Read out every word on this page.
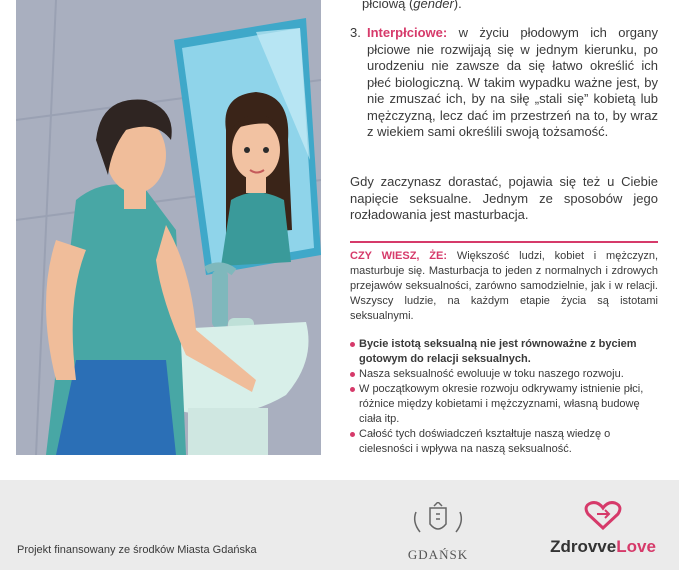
płciową (gender).
3. Interpłciowe: w życiu płodowym ich organy płciowe nie rozwijają się w jednym kierunku, po urodzeniu nie zawsze da się łatwo określić ich płeć biologiczną. W takim wypadku ważne jest, by nie zmuszać ich, by na siłę „stali się” kobietą lub mężczyzną, lecz dać im przestrzeń na to, by wraz z wiekiem sami określili swoją tożsamość.

Gdy zaczynasz dorastać, pojawia się też u Ciebie napięcie seksualne. Jednym ze sposobów jego rozładowania jest masturbacja.

CZY WIESZ, ŻE: Większość ludzi, kobiet i mężczyzn, masturbuje się. Masturbacja to jeden z normalnych i zdrowych przejawów seksualności, zarówno samodzielnie, jak i w relacji. Wszyscy ludzie, na każdym etapie życia są istotami seksualnymi.

Bycie istotą seksualną nie jest równoważne z byciem gotowym do relacji seksualnych.

Nasza seksualność ewoluuje w toku naszego rozwoju.

W początkowym okresie rozwoju odkrywamy istnienie płci, różnice między kobietami i mężczyznami, własną budowę ciała itp.

Całość tych doświadczeń kształtuje naszą wiedzę o cielesności i wpływa na naszą seksualność.

Projekt finansowany ze środków Miasta Gdańska	GDAŃSK	ZdrovveLove
